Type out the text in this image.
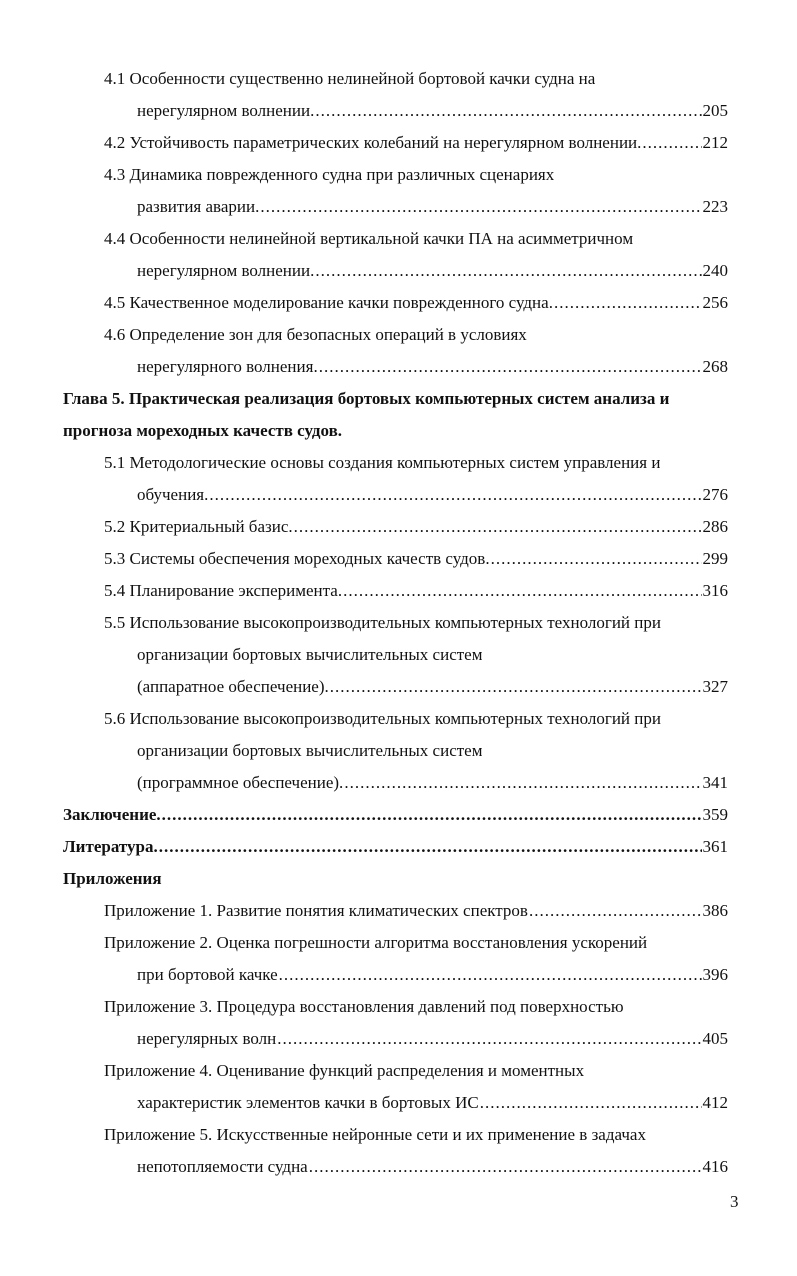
4.1 Особенности существенно нелинейной бортовой качки судна на
нерегулярном волнении. .....	205
4.2 Устойчивость параметрических колебаний на нерегулярном волнении. .....	212
4.3 Динамика поврежденного судна при различных сценариях
развития аварии. .....	223
4.4 Особенности нелинейной вертикальной качки ПА на асимметричном
нерегулярном волнении. .....	240
4.5 Качественное моделирование качки поврежденного судна. .....	256
4.6 Определение зон для безопасных операций в условиях
нерегулярного волнения. .....	268
Глава 5. Практическая реализация бортовых компьютерных систем анализа и
прогноза мореходных качеств судов.
5.1 Методологические основы создания компьютерных систем управления и
обучения. .....	276
5.2 Критериальный базис. .....	286
5.3 Системы обеспечения мореходных качеств судов. .....	299
5.4 Планирование эксперимента. .....	316
5.5 Использование высокопроизводительных компьютерных технологий при
организации бортовых вычислительных систем
(аппаратное обеспечение). .....	327
5.6 Использование высокопроизводительных компьютерных технологий при
организации бортовых вычислительных систем
(программное обеспечение). .....	341
Заключение. .....	359
Литература. .....	361
Приложения
Приложение 1. Развитие понятия климатических спектров .....	386
Приложение 2. Оценка погрешности алгоритма восстановления ускорений
при бортовой качке .....	396
Приложение 3. Процедура восстановления давлений под поверхностью
нерегулярных волн .....	405
Приложение 4. Оценивание функций распределения и моментных
характеристик элементов качки в бортовых ИС .....	412
Приложение 5. Искусственные нейронные сети и их применение в задачах
непотопляемости судна .....	416
3
